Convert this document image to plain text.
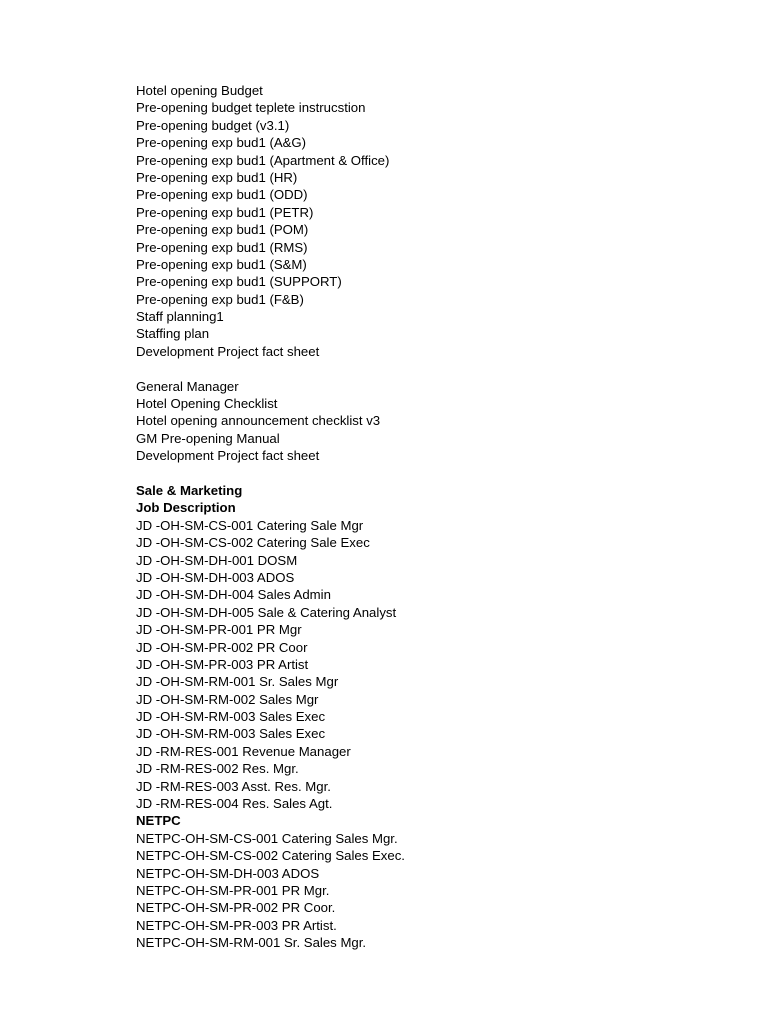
Hotel opening Budget
Pre-opening budget teplete instrucstion
Pre-opening budget (v3.1)
Pre-opening exp bud1 (A&G)
Pre-opening exp bud1 (Apartment & Office)
Pre-opening exp bud1 (HR)
Pre-opening exp bud1 (ODD)
Pre-opening exp bud1 (PETR)
Pre-opening exp bud1 (POM)
Pre-opening exp bud1 (RMS)
Pre-opening exp bud1 (S&M)
Pre-opening exp bud1 (SUPPORT)
Pre-opening exp bud1 (F&B)
Staff planning1
Staffing plan
Development Project fact sheet
General Manager
Hotel Opening Checklist
Hotel opening announcement checklist v3
GM Pre-opening Manual
Development Project fact sheet
Sale & Marketing
Job Description
JD -OH-SM-CS-001 Catering Sale Mgr
JD -OH-SM-CS-002 Catering Sale Exec
JD -OH-SM-DH-001 DOSM
JD -OH-SM-DH-003 ADOS
JD -OH-SM-DH-004 Sales Admin
JD -OH-SM-DH-005 Sale & Catering Analyst
JD -OH-SM-PR-001 PR Mgr
JD -OH-SM-PR-002 PR Coor
JD -OH-SM-PR-003 PR Artist
JD -OH-SM-RM-001 Sr. Sales Mgr
JD -OH-SM-RM-002 Sales Mgr
JD -OH-SM-RM-003 Sales Exec
JD -OH-SM-RM-003 Sales Exec
JD -RM-RES-001 Revenue Manager
JD -RM-RES-002 Res. Mgr.
JD -RM-RES-003 Asst. Res. Mgr.
JD -RM-RES-004 Res. Sales Agt.
NETPC
NETPC-OH-SM-CS-001 Catering Sales Mgr.
NETPC-OH-SM-CS-002 Catering Sales Exec.
NETPC-OH-SM-DH-003 ADOS
NETPC-OH-SM-PR-001 PR Mgr.
NETPC-OH-SM-PR-002 PR Coor.
NETPC-OH-SM-PR-003 PR Artist.
NETPC-OH-SM-RM-001 Sr. Sales Mgr.
